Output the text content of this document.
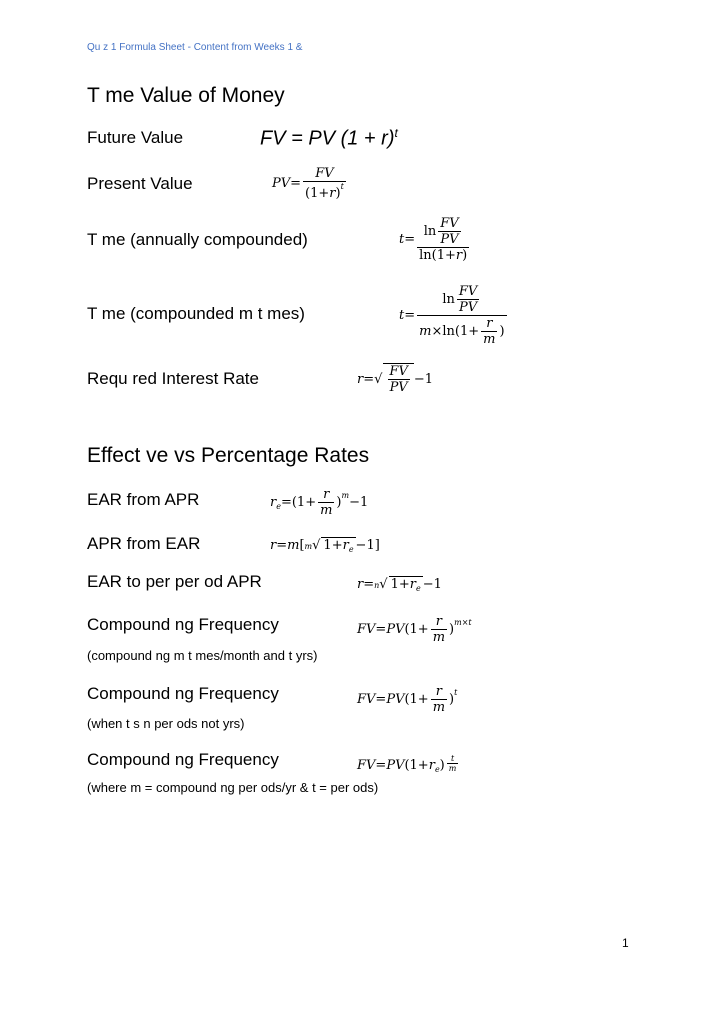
Qu z 1 Formula Sheet - Content from Weeks 1 &
T me Value of Money
Future Value	FV = PV $(1 + r)^t$
Present Value	$PV= \frac{FV}{(1+r)^t}$
T me (annually compounded)	$t= \frac{\ln \frac{FV}{PV}}{\ln(1+r)}$
T me (compounded m t mes)	$t= \frac{\ln \frac{FV}{PV}}{m\times\ln(1+ \frac{r}{m} )}$
Requ red Interest Rate	$r=√ \frac{FV}{PV} -1$
Effect ve vs Percentage Rates
EAR from APR	$r_e=(1+ \frac{r}{m} )^m-1$
APR from EAR	r=m[m√ $1+r_e -1$]
EAR to per per od APR	r=n√ $1+r_e -1$
Compound ng Frequency	$FV=PV(1+ \frac{r}{m} )^{m\times t}$
(compound ng m t mes/month and t yrs)
Compound ng Frequency	$FV=PV(1+ \frac{r}{m} )^t$
(when t s n per ods not yrs)
Compound ng Frequency	$FV=PV(1+r_e) \frac{t}{m}$
(where m = compound ng per ods/yr & t = per ods)
1
